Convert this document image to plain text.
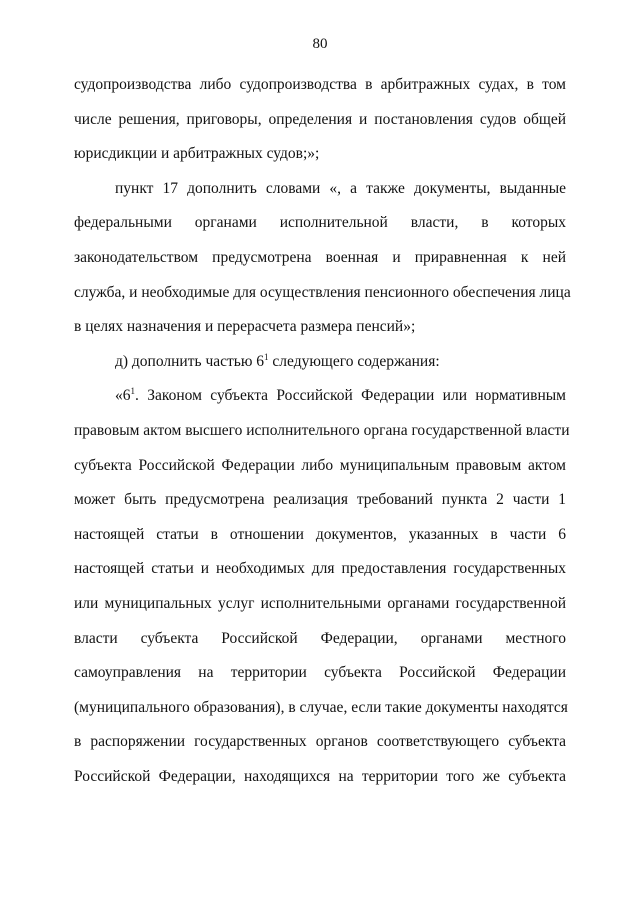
80
судопроизводства либо судопроизводства в арбитражных судах, в том
числе решения, приговоры, определения и постановления судов общей
юрисдикции и арбитражных судов;»;
пункт 17 дополнить словами «, а также документы, выданные
федеральными органами исполнительной власти, в которых
законодательством предусмотрена военная и приравненная к ней
служба, и необходимые для осуществления пенсионного обеспечения лица
в целях назначения и перерасчета размера пенсий»;
д) дополнить частью $6^1$ следующего содержания:
«$6^1$ . Законом субъекта Российской Федерации или нормативным
правовым актом высшего исполнительного органа государственной власти
субъекта Российской Федерации либо муниципальным правовым актом
может быть предусмотрена реализация требований пункта 2 части 1
настоящей статьи в отношении документов, указанных в части 6
настоящей статьи и необходимых для предоставления государственных
или муниципальных услуг исполнительными органами государственной
власти субъекта Российской Федерации, органами местного
самоуправления на территории субъекта Российской Федерации
(муниципального образования), в случае, если такие документы находятся
в распоряжении государственных органов соответствующего субъекта
Российской Федерации, находящихся на территории того же субъекта
